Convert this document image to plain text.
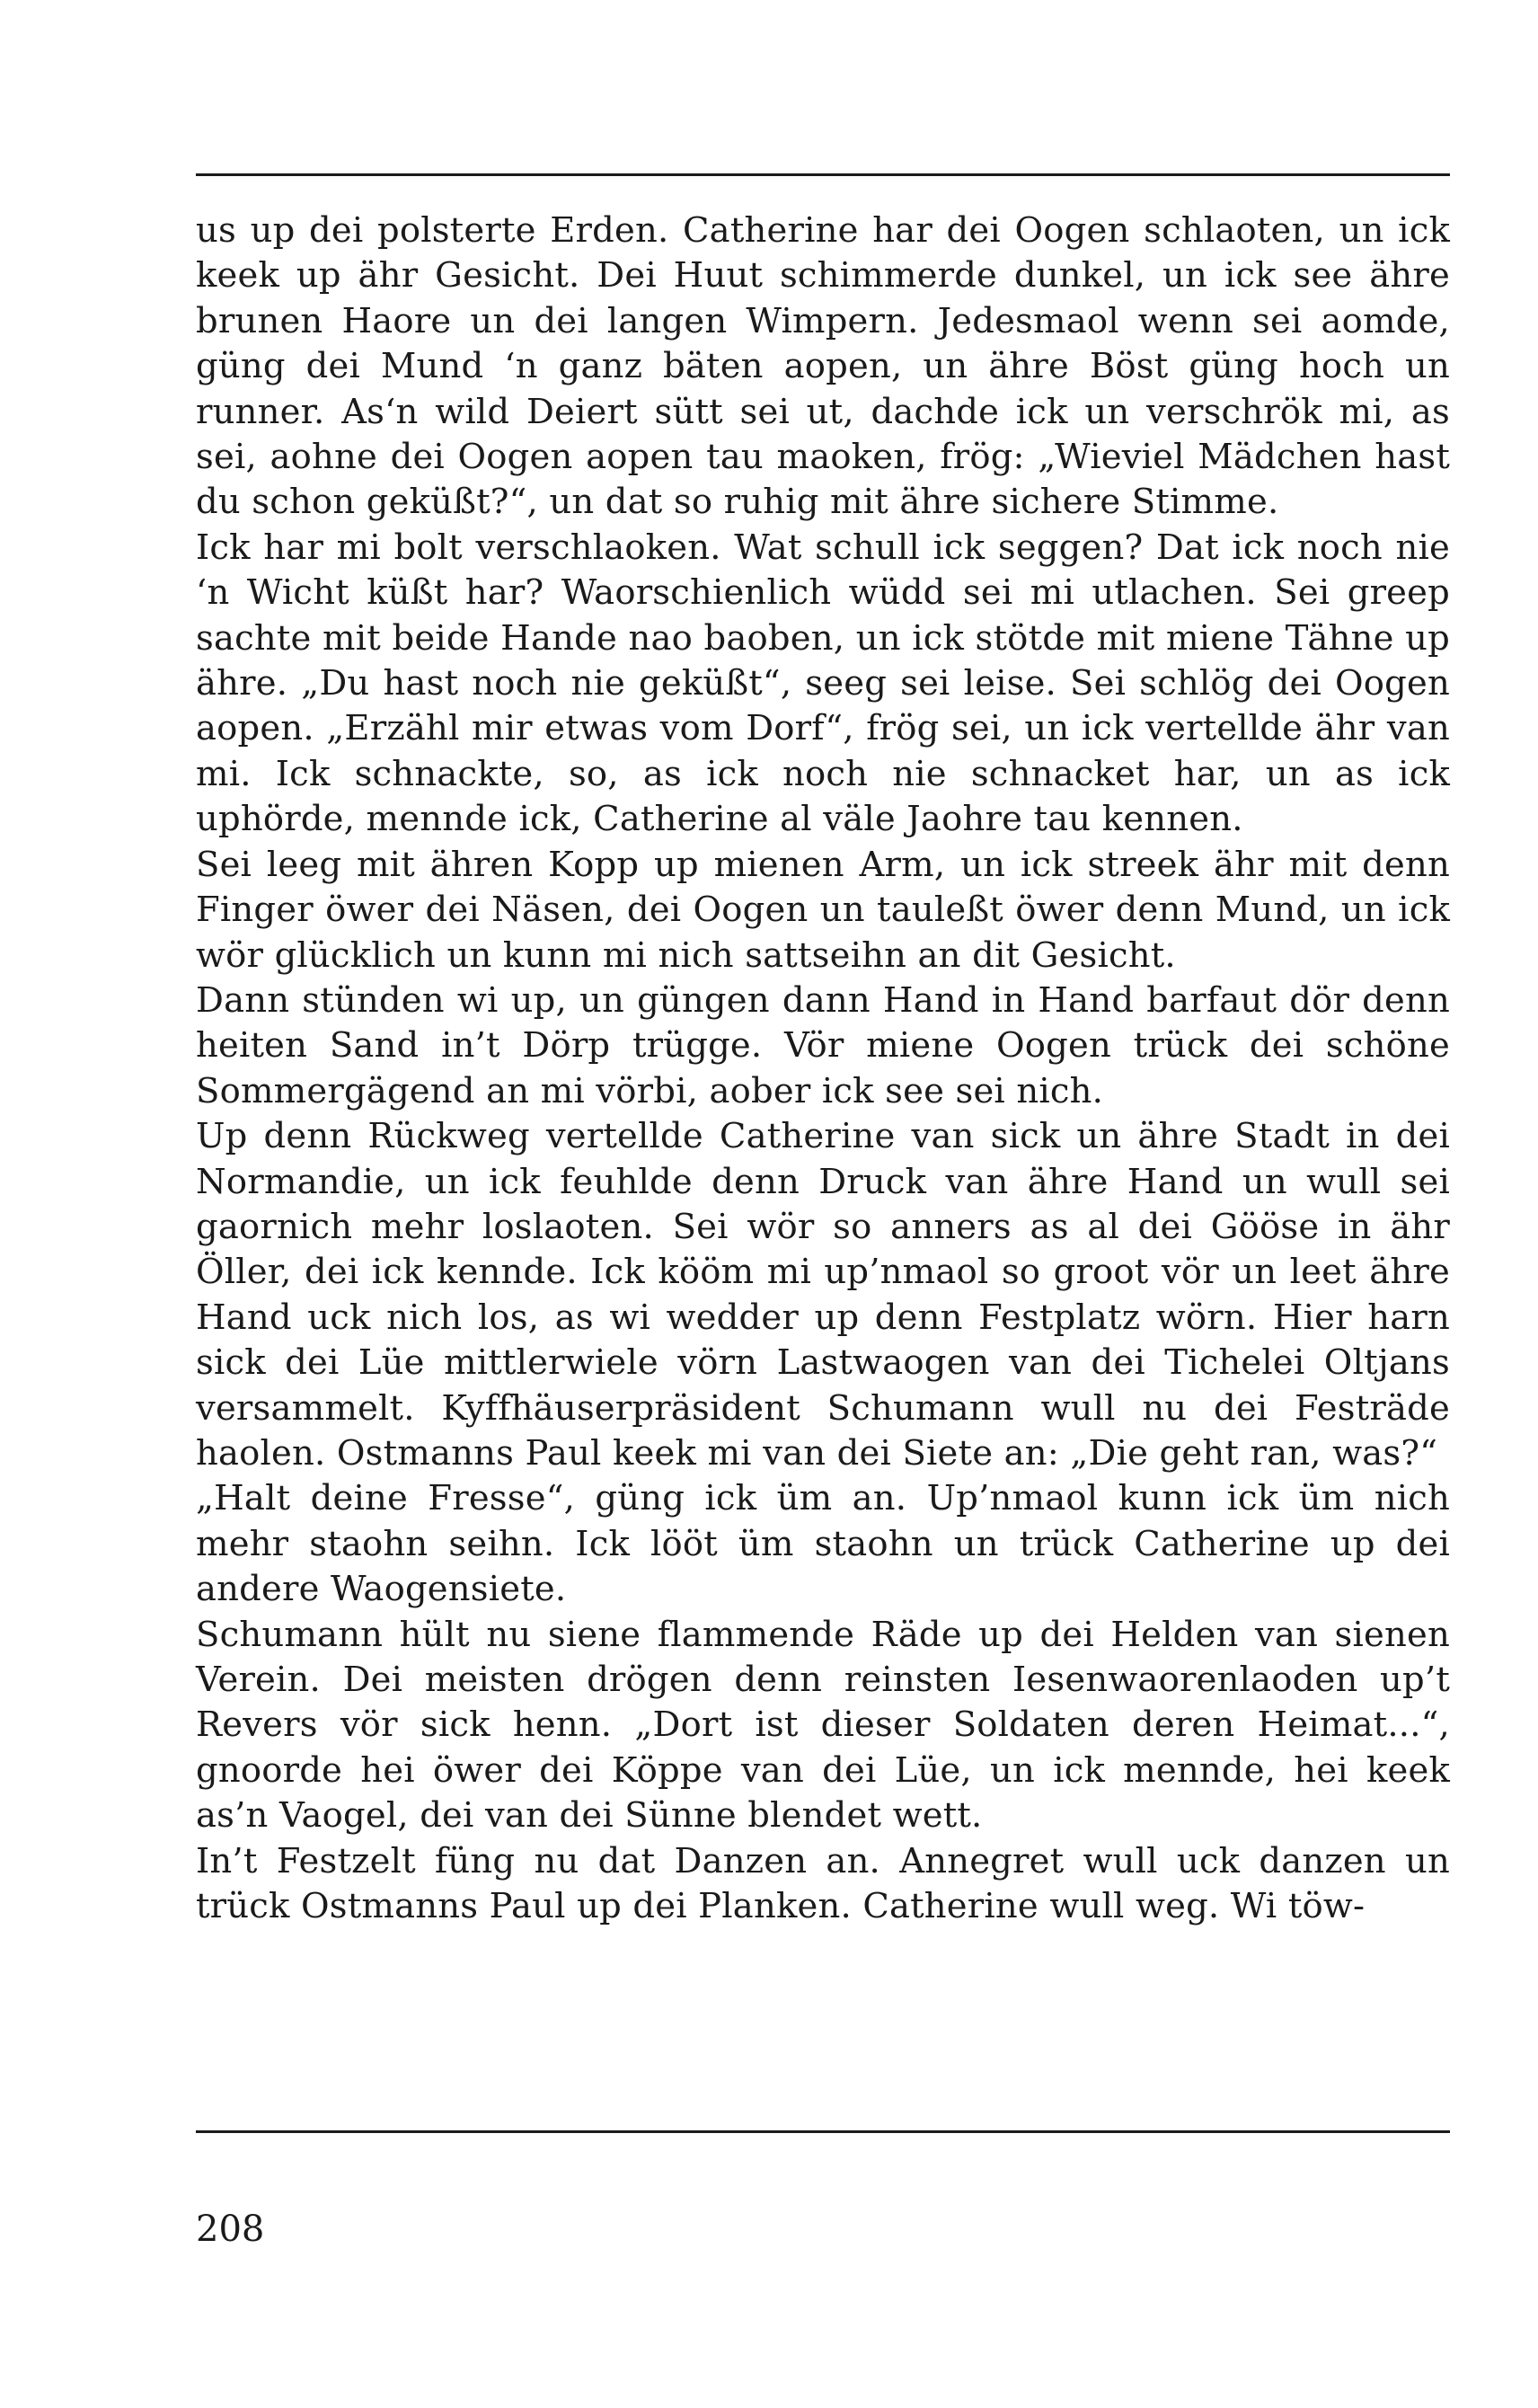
us up dei polsterte Erden. Catherine har dei Oogen schlaoten, un ick keek up ähr Gesicht. Dei Huut schimmerde dunkel, un ick see ähre brunen Haore un dei langen Wimpern. Jedesmaol wenn sei aomde, güng dei Mund ‘n ganz bäten aopen, un ähre Böst güng hoch un runner. As‘n wild Deiert sütt sei ut, dachde ick un verschrök mi, as sei, aohne dei Oogen aopen tau maoken, frög: „Wieviel Mädchen hast du schon geküßt?“, un dat so ruhig mit ähre sichere Stimme.

Ick har mi bolt verschlaoken. Wat schull ick seggen? Dat ick noch nie ‘n Wicht küßt har? Waorschienlich wüdd sei mi utlachen. Sei greep sachte mit beide Hande nao baoben, un ick stötde mit miene Tähne up ähre. „Du hast noch nie geküßt“, seeg sei leise. Sei schlög dei Oogen aopen. „Erzähl mir etwas vom Dorf“, frög sei, un ick vertellde ähr van mi. Ick schnackte, so, as ick noch nie schnacket har, un as ick uphörde, mennde ick, Catherine al väle Jaohre tau kennen.

Sei leeg mit ähren Kopp up mienen Arm, un ick streek ähr mit denn Finger öwer dei Näsen, dei Oogen un tauleßt öwer denn Mund, un ick wör glücklich un kunn mi nich sattseihn an dit Gesicht.

Dann stünden wi up, un güngen dann Hand in Hand barfaut dör denn heiten Sand in’t Dörp trügge. Vör miene Oogen trück dei schöne Sommergägend an mi vörbi, aober ick see sei nich.

Up denn Rückweg vertellde Catherine van sick un ähre Stadt in dei Normandie, un ick feuhlde denn Druck van ähre Hand un wull sei gaornich mehr loslaoten. Sei wör so anners as al dei Gööse in ähr Öller, dei ick kennde. Ick kööm mi up’nmaol so groot vör un leet ähre Hand uck nich los, as wi wedder up denn Festplatz wörn. Hier harn sick dei Lüe mittlerwiele vörn Lastwaogen van dei Tichelei Oltjans versammelt. Kyffhäuserpräsident Schumann wull nu dei Festräde haolen. Ostmanns Paul keek mi van dei Siete an: „Die geht ran, was?“

„Halt deine Fresse“, güng ick üm an. Up’nmaol kunn ick üm nich mehr staohn seihn. Ick lööt üm staohn un trück Catherine up dei andere Waogensiete.

Schumann hült nu siene flammende Räde up dei Helden van sienen Verein. Dei meisten drögen denn reinsten Iesenwaorenlaoden up’t Revers vör sick henn. „Dort ist dieser Soldaten deren Heimat...“, gnoorde hei öwer dei Köppe van dei Lüe, un ick mennde, hei keek as’n Vaogel, dei van dei Sünne blendet wett.

In’t Festzelt füng nu dat Danzen an. Annegret wull uck danzen un trück Ostmanns Paul up dei Planken. Catherine wull weg. Wi töw-

208
